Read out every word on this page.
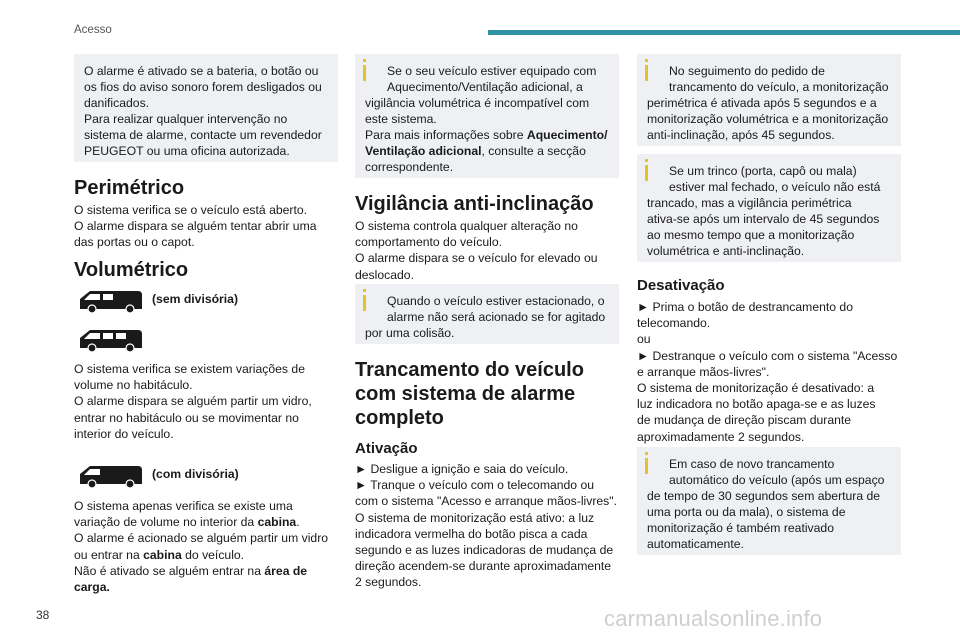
Acesso
O alarme é ativado se a bateria, o botão ou
os fios do aviso sonoro forem desligados ou
danificados.
Para realizar qualquer intervenção no
sistema de alarme, contacte um revendedor
PEUGEOT ou uma oficina autorizada.
Perimétrico
O sistema verifica se o veículo está aberto.
O alarme dispara se alguém tentar abrir uma
das portas ou o capot.
Volumétrico
(sem divisória)
O sistema verifica se existem variações de
volume no habitáculo.
O alarme dispara se alguém partir um vidro,
entrar no habitáculo ou se movimentar no
interior do veículo.
(com divisória)
O sistema apenas verifica se existe uma
variação de volume no interior da cabina.
O alarme é acionado se alguém partir um vidro
ou entrar na cabina do veículo.
Não é ativado se alguém entrar na área de
carga.
Se o seu veículo estiver equipado com
Aquecimento/Ventilação adicional, a
vigilância volumétrica é incompatível com
este sistema.
Para mais informações sobre Aquecimento/
Ventilação adicional, consulte a secção
correspondente.
Vigilância anti-inclinação
O sistema controla qualquer alteração no
comportamento do veículo.
O alarme dispara se o veículo for elevado ou
deslocado.
Quando o veículo estiver estacionado, o
alarme não será acionado se for agitado
por uma colisão.
Trancamento do veículo
com sistema de alarme
completo
Ativação
► Desligue a ignição e saia do veículo.
► Tranque o veículo com o telecomando ou
com o sistema "Acesso e arranque mãos-livres".
O sistema de monitorização está ativo: a luz
indicadora vermelha do botão pisca a cada
segundo e as luzes indicadoras de mudança de
direção acendem-se durante aproximadamente
2 segundos.
No seguimento do pedido de
trancamento do veículo, a monitorização
perimétrica é ativada após 5 segundos e a
monitorização volumétrica e a monitorização
anti-inclinação, após 45 segundos.
Se um trinco (porta, capô ou mala)
estiver mal fechado, o veículo não está
trancado, mas a vigilância perimétrica
ativa-se após um intervalo de 45 segundos
ao mesmo tempo que a monitorização
volumétrica e anti-inclinação.
Desativação
► Prima o botão de destrancamento do
telecomando.
ou
► Destranque o veículo com o sistema "Acesso
e arranque mãos-livres".
O sistema de monitorização é desativado: a
luz indicadora no botão apaga-se e as luzes
de mudança de direção piscam durante
aproximadamente 2 segundos.
Em caso de novo trancamento
automático do veículo (após um espaço
de tempo de 30 segundos sem abertura de
uma porta ou da mala), o sistema de
monitorização é também reativado
automaticamente.
38	carmanualsonline.info
